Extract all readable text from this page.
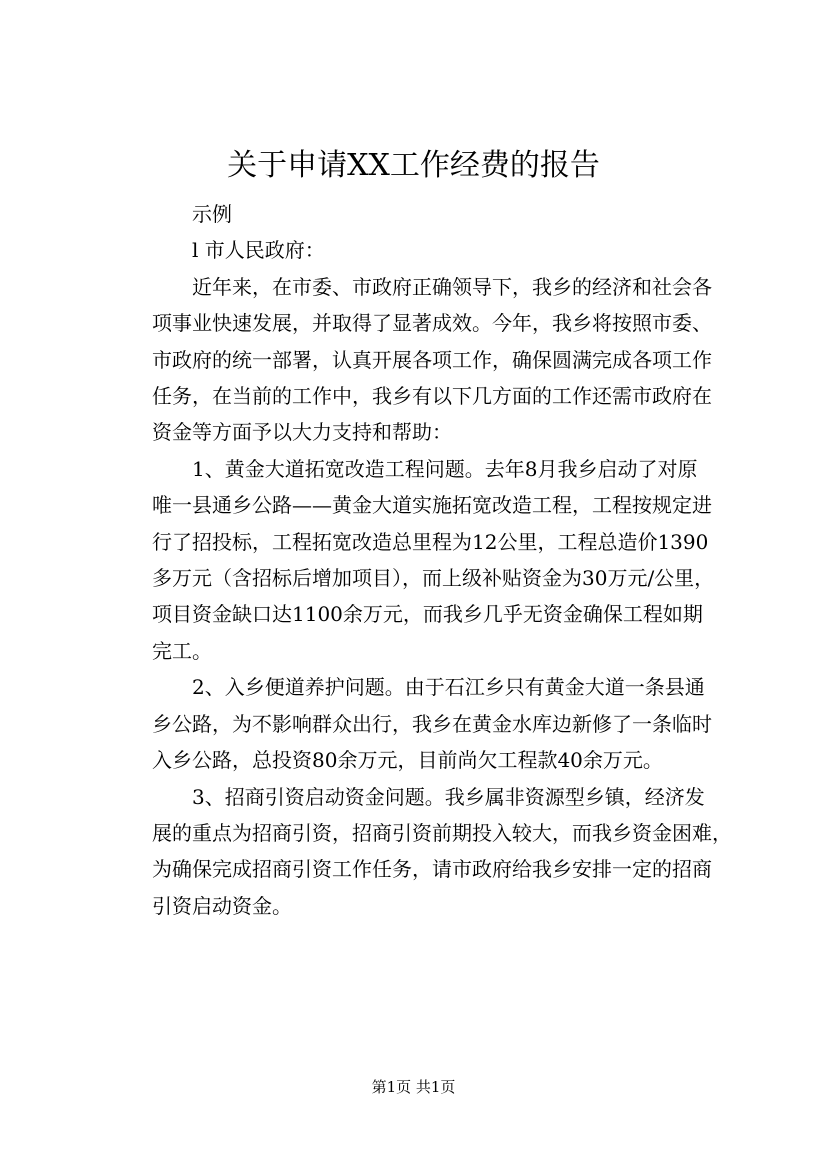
关于申请XX工作经费的报告

示例

l 市人民政府：

近年来，在市委、市政府正确领导下，我乡的经济和社会各
项事业快速发展，并取得了显著成效。今年，我乡将按照市委、
市政府的统一部署，认真开展各项工作，确保圆满完成各项工作
任务，在当前的工作中，我乡有以下几方面的工作还需市政府在
资金等方面予以大力支持和帮助：

1、黄金大道拓宽改造工程问题。去年8月我乡启动了对原
唯一县通乡公路——黄金大道实施拓宽改造工程，工程按规定进
行了招投标，工程拓宽改造总里程为12公里，工程总造价1390
多万元（含招标后增加项目），而上级补贴资金为30万元/公里，
项目资金缺口达1100余万元，而我乡几乎无资金确保工程如期
完工。

2、入乡便道养护问题。由于石江乡只有黄金大道一条县通
乡公路，为不影响群众出行，我乡在黄金水库边新修了一条临时
入乡公路，总投资80余万元，目前尚欠工程款40余万元。

3、招商引资启动资金问题。我乡属非资源型乡镇，经济发
展的重点为招商引资，招商引资前期投入较大，而我乡资金困难，
为确保完成招商引资工作任务，请市政府给我乡安排一定的招商
引资启动资金。

第1页 共1页
